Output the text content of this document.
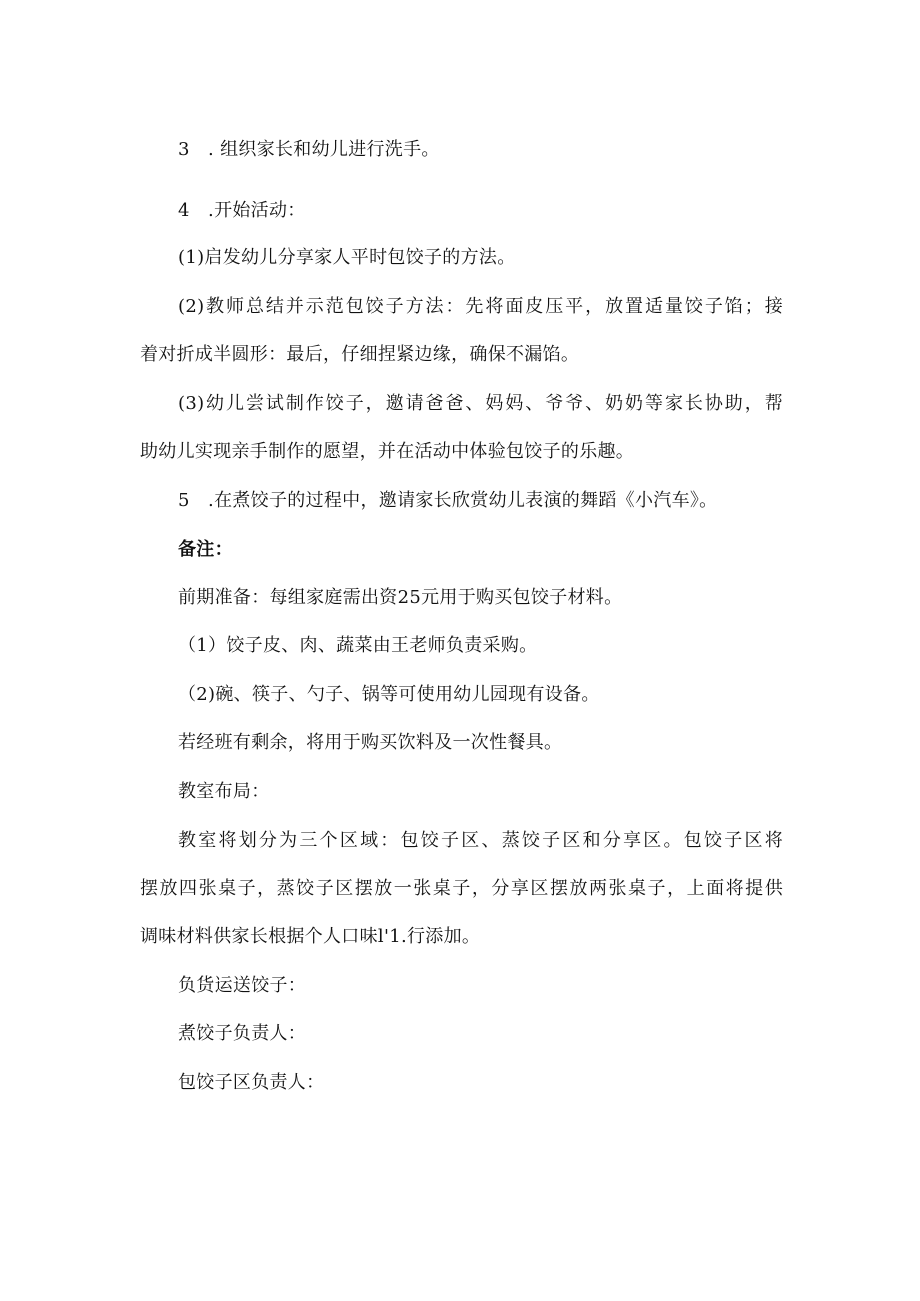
3　. 组织家长和幼儿进行洗手。
4　.开始活动：
(1)启发幼儿分享家人平时包饺子的方法。
(2)教师总结并示范包饺子方法：先将面皮压平，放置适量饺子馅；接
着对折成半圆形：最后，仔细捏紧边缘，确保不漏馅。
(3)幼儿尝试制作饺子，邀请爸爸、妈妈、爷爷、奶奶等家长协助，帮
助幼儿实现亲手制作的愿望，并在活动中体验包饺子的乐趣。
5　.在煮饺子的过程中，邀请家长欣赏幼儿表演的舞蹈《小汽车》。
备注：
前期准备：每组家庭需出资25元用于购买包饺子材料。
（1）饺子皮、肉、蔬菜由王老师负责采购。
（2)碗、筷子、勺子、锅等可使用幼儿园现有设备。
若经班有剩余，将用于购买饮料及一次性餐具。
教室布局：
教室将划分为三个区域：包饺子区、蒸饺子区和分享区。包饺子区将
摆放四张桌子，蒸饺子区摆放一张桌子，分享区摆放两张桌子，上面将提供
调味材料供家长根据个人口味l'1.行添加。
负货运送饺子：
煮饺子负责人：
包饺子区负责人：
